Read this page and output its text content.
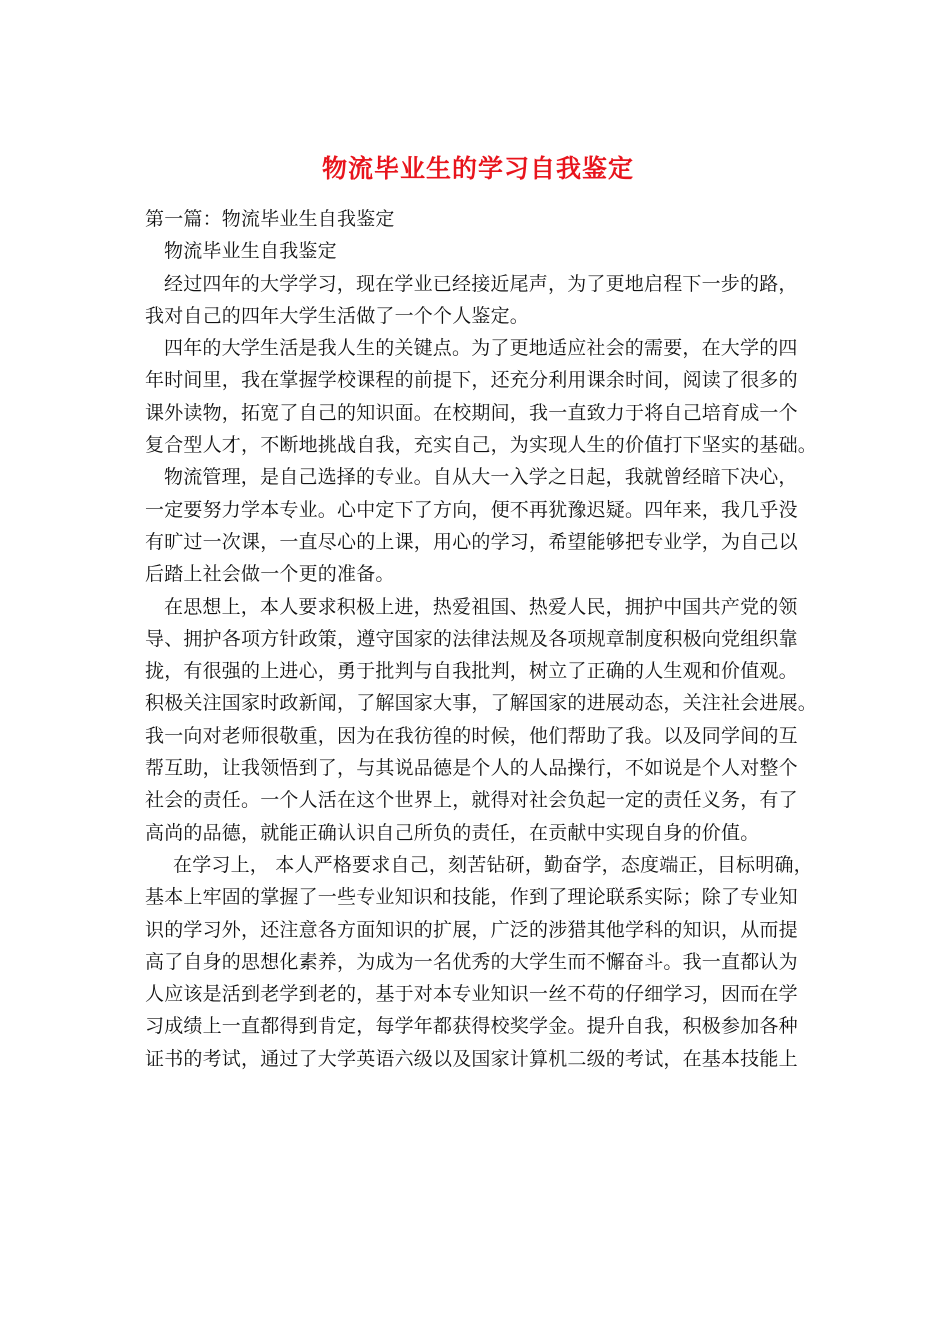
物流毕业生的学习自我鉴定
第一篇：物流毕业生自我鉴定
物流毕业生自我鉴定
经过四年的大学学习，现在学业已经接近尾声，为了更地启程下一步的路，
我对自己的四年大学生活做了一个个人鉴定。
四年的大学生活是我人生的关键点。为了更地适应社会的需要，在大学的四
年时间里，我在掌握学校课程的前提下，还充分利用课余时间，阅读了很多的
课外读物，拓宽了自己的知识面。在校期间，我一直致力于将自己培育成一个
复合型人才，不断地挑战自我，充实自己，为实现人生的价值打下坚实的基础。
物流管理，是自己选择的专业。自从大一入学之日起，我就曾经暗下决心，
一定要努力学本专业。心中定下了方向，便不再犹豫迟疑。四年来，我几乎没
有旷过一次课，一直尽心的上课，用心的学习，希望能够把专业学，为自己以
后踏上社会做一个更的准备。
在思想上，本人要求积极上进，热爱祖国、热爱人民，拥护中国共产党的领
导、拥护各项方针政策，遵守国家的法律法规及各项规章制度积极向党组织靠
拢，有很强的上进心，勇于批判与自我批判，树立了正确的人生观和价值观。
积极关注国家时政新闻，了解国家大事，了解国家的进展动态，关注社会进展。
我一向对老师很敬重，因为在我彷徨的时候，他们帮助了我。以及同学间的互
帮互助，让我领悟到了，与其说品德是个人的人品操行，不如说是个人对整个
社会的责任。一个人活在这个世界上，就得对社会负起一定的责任义务，有了
高尚的品德，就能正确认识自己所负的责任，在贡献中实现自身的价值。
在学习上， 本人严格要求自己，刻苦钻研，勤奋学，态度端正，目标明确，
基本上牢固的掌握了一些专业知识和技能，作到了理论联系实际；除了专业知
识的学习外，还注意各方面知识的扩展，广泛的涉猎其他学科的知识，从而提
高了自身的思想化素养，为成为一名优秀的大学生而不懈奋斗。我一直都认为
人应该是活到老学到老的，基于对本专业知识一丝不苟的仔细学习，因而在学
习成绩上一直都得到肯定，每学年都获得校奖学金。提升自我，积极参加各种
证书的考试，通过了大学英语六级以及国家计算机二级的考试，在基本技能上
